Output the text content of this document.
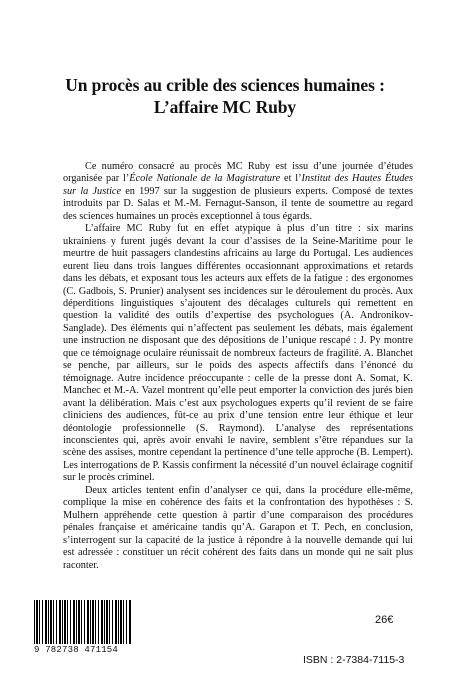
Un procès au crible des sciences humaines :
L’affaire MC Ruby

Ce numéro consacré au procès MC Ruby est issu d’une journée d’études organisée par l’École Nationale de la Magistrature et l’Institut des Hautes Études sur la Justice en 1997 sur la suggestion de plusieurs experts. Composé de textes introduits par D. Salas et M.-M. Fernagut-Sanson, il tente de soumettre au regard des sciences humaines un procès exceptionnel à tous égards.

L’affaire MC Ruby fut en effet atypique à plus d’un titre : six marins ukrainiens y furent jugés devant la cour d’assises de la Seine-Maritime pour le meurtre de huit passagers clandestins africains au large du Portugal. Les audiences eurent lieu dans trois langues différentes occasionnant approximations et retards dans les débats, et exposant tous les acteurs aux effets de la fatigue : des ergonomes (C. Gadbois, S. Prunier) analysent ses incidences sur le déroulement du procès. Aux déperditions linguistiques s’ajoutent des décalages culturels qui remettent en question la validité des outils d’expertise des psychologues (A. Andronikov-Sanglade). Des éléments qui n’affectent pas seulement les débats, mais également une instruction ne disposant que des dépositions de l’unique rescapé : J. Py montre que ce témoignage oculaire réunissait de nombreux facteurs de fragilité. A. Blanchet se penche, par ailleurs, sur le poids des aspects affectifs dans l’énoncé du témoignage. Autre incidence préoccupante : celle de la presse dont A. Somat, K. Manchec et M.-A. Vazel montrent qu’elle peut emporter la conviction des jurés bien avant la délibération. Mais c’est aux psychologues experts qu’il revient de se faire cliniciens des audiences, fût-ce au prix d’une tension entre leur éthique et leur déontologie professionnelle (S. Raymond). L’analyse des représentations inconscientes qui, après avoir envahi le navire, semblent s’être répandues sur la scène des assises, montre cependant la pertinence d’une telle approche (B. Lempert). Les interrogations de P. Kassis confirment la nécessité d’un nouvel éclairage cognitif sur le procès criminel.

Deux articles tentent enfin d’analyser ce qui, dans la procédure elle-même, complique la mise en cohérence des faits et la confrontation des hypothèses : S. Mulhern appréhende cette question à partir d’une comparaison des procédures pénales française et américaine tandis qu’A. Garapon et T. Pech, en conclusion, s’interrogent sur la capacité de la justice à répondre à la nouvelle demande qui lui est adressée : constituer un récit cohérent des faits dans un monde qui ne sait plus raconter.

9 782738 471154
26€
ISBN : 2-7384-7115-3
